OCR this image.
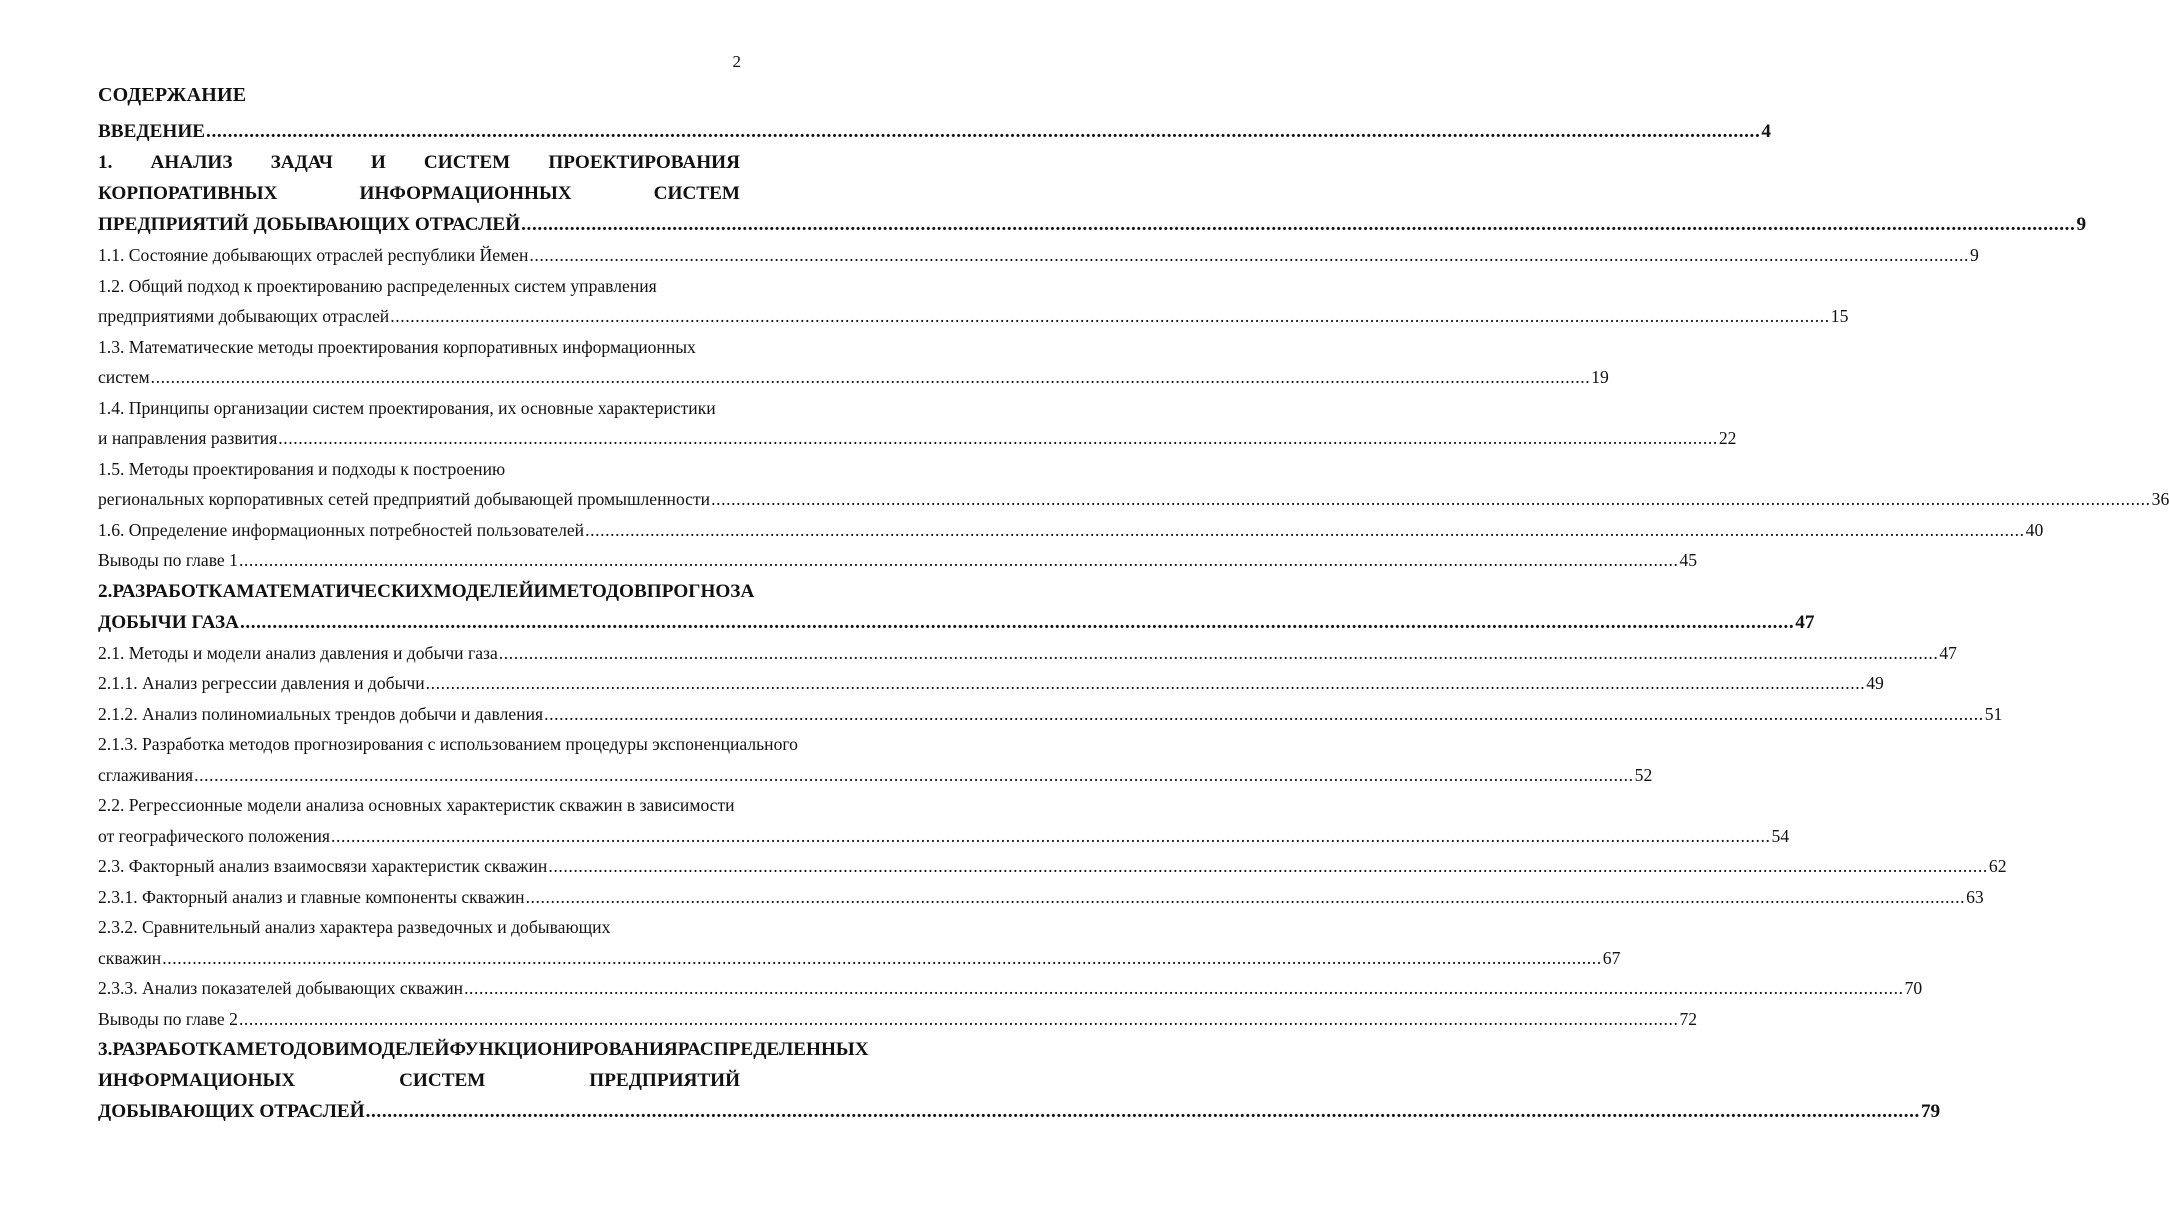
2
СОДЕРЖАНИЕ
ВВЕДЕНИЕ .....	4
1. АНАЛИЗ ЗАДАЧ И СИСТЕМ ПРОЕКТИРОВАНИЯ
КОРПОРАТИВНЫХ	ИНФОРМАЦИОННЫХ	СИСТЕМ
ПРЕДПРИЯТИЙ ДОБЫВАЮЩИХ ОТРАСЛЕЙ .....	9
1.1. Состояние добывающих отраслей республики Йемен .....	9
1.2. Общий подход к проектированию распределенных систем управления
предприятиями добывающих отраслей .....	15
1.3. Математические методы проектирования корпоративных информационных
систем .....	19
1.4. Принципы организации систем проектирования, их основные характеристики
и направления развития .....	22
1.5. Методы проектирования и подходы к построению
региональных корпоративных сетей предприятий добывающей промышленности .....	36
1.6. Определение информационных потребностей пользователей .....	40
Выводы по главе 1 .....	45
2. РАЗРАБОТКА МАТЕМАТИЧЕСКИХ МОДЕЛЕЙ И МЕТОДОВ ПРОГНОЗА
ДОБЫЧИ ГАЗА .....	47
2.1. Методы и модели анализ давления и добычи газа .....	47
2.1.1. Анализ регрессии давления и добычи .....	49
2.1.2. Анализ полиномиальных трендов добычи и давления .....	51
2.1.3. Разработка методов прогнозирования с использованием процедуры экспоненциального
сглаживания .....	52
2.2. Регрессионные модели анализа основных характеристик скважин в зависимости
от географического положения .....	54
2.3. Факторный анализ взаимосвязи характеристик скважин .....	62
2.3.1. Факторный анализ и главные компоненты скважин .....	63
2.3.2. Сравнительный анализ характера разведочных и добывающих
скважин .....	67
2.3.3. Анализ показателей добывающих скважин .....	70
Выводы по главе 2 .....	72
3. РАЗРАБОТКА МЕТОДОВ И МОДЕЛЕЙ ФУНКЦИОНИРОВАНИЯ РАСПРЕДЕЛЕННЫХ
ИНФОРМАЦИОНЫХ	СИСТЕМ	ПРЕДПРИЯТИЙ
ДОБЫВАЮЩИХ ОТРАСЛЕЙ .....	79
